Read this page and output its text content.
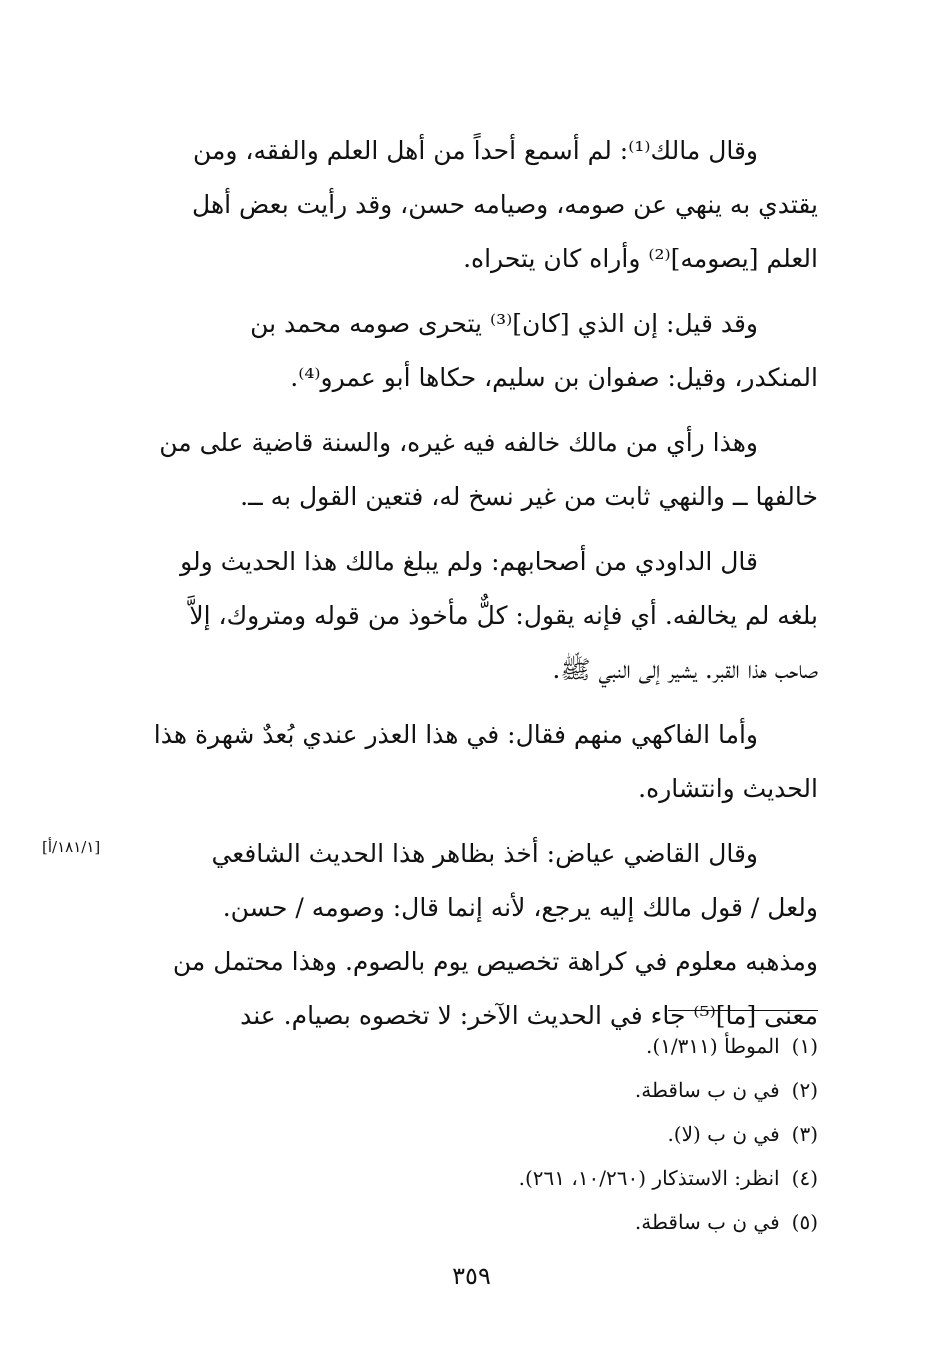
وقال مالك⁽¹⁾: لم أسمع أحداً من أهل العلم والفقه، ومن
يقتدي به ينهي عن صومه، وصيامه حسن، وقد رأيت بعض أهل
العلم [يصومه]⁽²⁾ وأراه كان يتحراه.
وقد قيل: إن الذي [كان]⁽³⁾ يتحرى صومه محمد بن
المنكدر، وقيل: صفوان بن سليم، حكاها أبو عمرو⁽⁴⁾.
وهذا رأي من مالك خالفه فيه غيره، والسنة قاضية على من
خالفها ــ والنهي ثابت من غير نسخ له، فتعين القول به ــ.
قال الداودي من أصحابهم: ولم يبلغ مالك هذا الحديث ولو
بلغه لم يخالفه. أي فإنه يقول: كلٌّ مأخوذ من قوله ومتروك، إلاَّ
صاحب هذا القبر. يشير إلى النبي ﷺ.
وأما الفاكهي منهم فقال: في هذا العذر عندي بُعدٌ شهرة هذا
الحديث وانتشاره.
وقال القاضي عياض: أخذ بظاهر هذا الحديث الشافعي
ولعل / قول مالك إليه يرجع، لأنه إنما قال: وصومه / حسن.
ومذهبه معلوم في كراهة تخصيص يوم بالصوم. وهذا محتمل من
معنى [ما]⁽⁵⁾ جاء في الحديث الآخر: لا تخصوه بصيام. عند
[١٨١/١/أ]
(١)الموطأ (١/٣١١).
(٢)في ن ب ساقطة.
(٣)في ن ب (لا).
(٤)انظر: الاستذكار (١٠/٢٦٠، ٢٦١).
(٥)في ن ب ساقطة.
٣٥٩
